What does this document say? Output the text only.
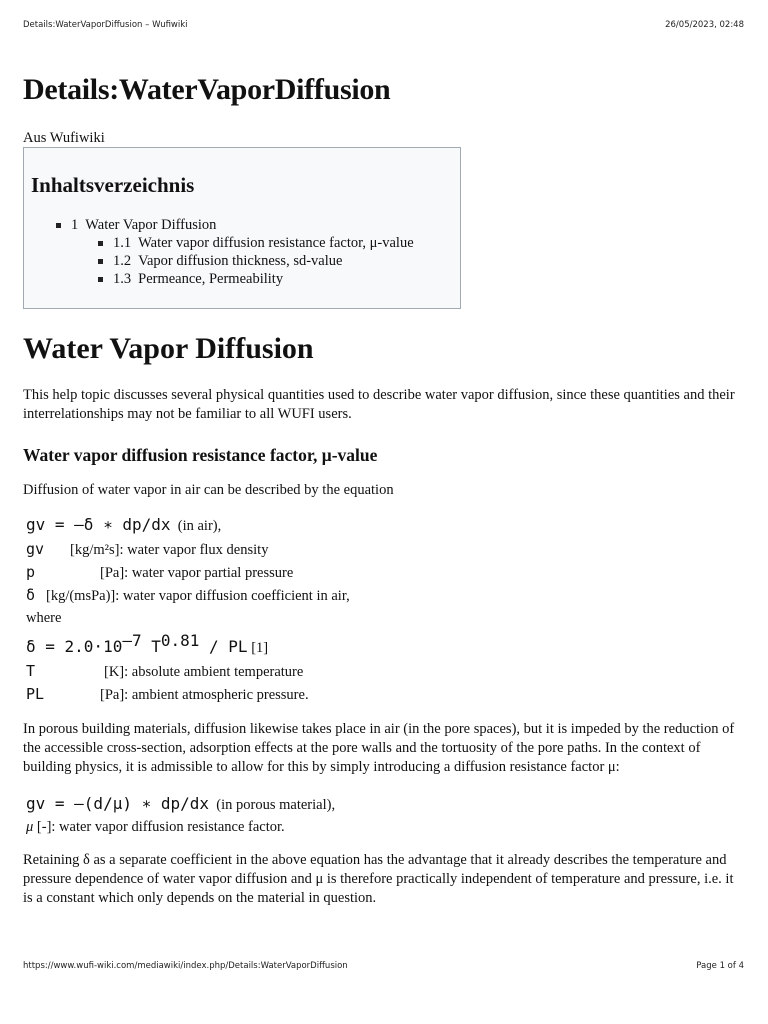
Details:WaterVaporDiffusion – Wufiwiki	26/05/2023, 02:48
Details:WaterVaporDiffusion
Aus Wufiwiki
Inhaltsverzeichnis
1 Water Vapor Diffusion
1.1 Water vapor diffusion resistance factor, μ-value
1.2 Vapor diffusion thickness, sd-value
1.3 Permeance, Permeability
Water Vapor Diffusion

This help topic discusses several physical quantities used to describe water vapor diffusion, since these quantities and their interrelationships may not be familiar to all WUFI users.

Water vapor diffusion resistance factor, μ-value

Diffusion of water vapor in air can be described by the equation

gv = –δ ∗ dp/dx (in air),
gv [kg/m²s]: water vapor flux density
p	[Pa]: water vapor partial pressure
δ [kg/(msPa)]: water vapor diffusion coefficient in air,
where
$\delta = 2.0\cdot 10^{-7}$ $T^{0.81}$ / PL [1]
T	[K]: absolute ambient temperature
PL	[Pa]: ambient atmospheric pressure.

In porous building materials, diffusion likewise takes place in air (in the pore spaces), but it is impeded by the reduction of the accessible cross-section, adsorption effects at the pore walls and the tortuosity of the pore paths. In the context of building physics, it is admissible to allow for this by simply introducing a diffusion resistance factor μ:

gv = –(d/μ) ∗ dp/dx (in porous material),
μ [-]: water vapor diffusion resistance factor.

Retaining δ as a separate coefficient in the above equation has the advantage that it already describes the temperature and pressure dependence of water vapor diffusion and μ is therefore practically independent of temperature and pressure, i.e. it is a constant which only depends on the material in question.

https://www.wufi-wiki.com/mediawiki/index.php/Details:WaterVaporDiffusion	Page 1 of 4
